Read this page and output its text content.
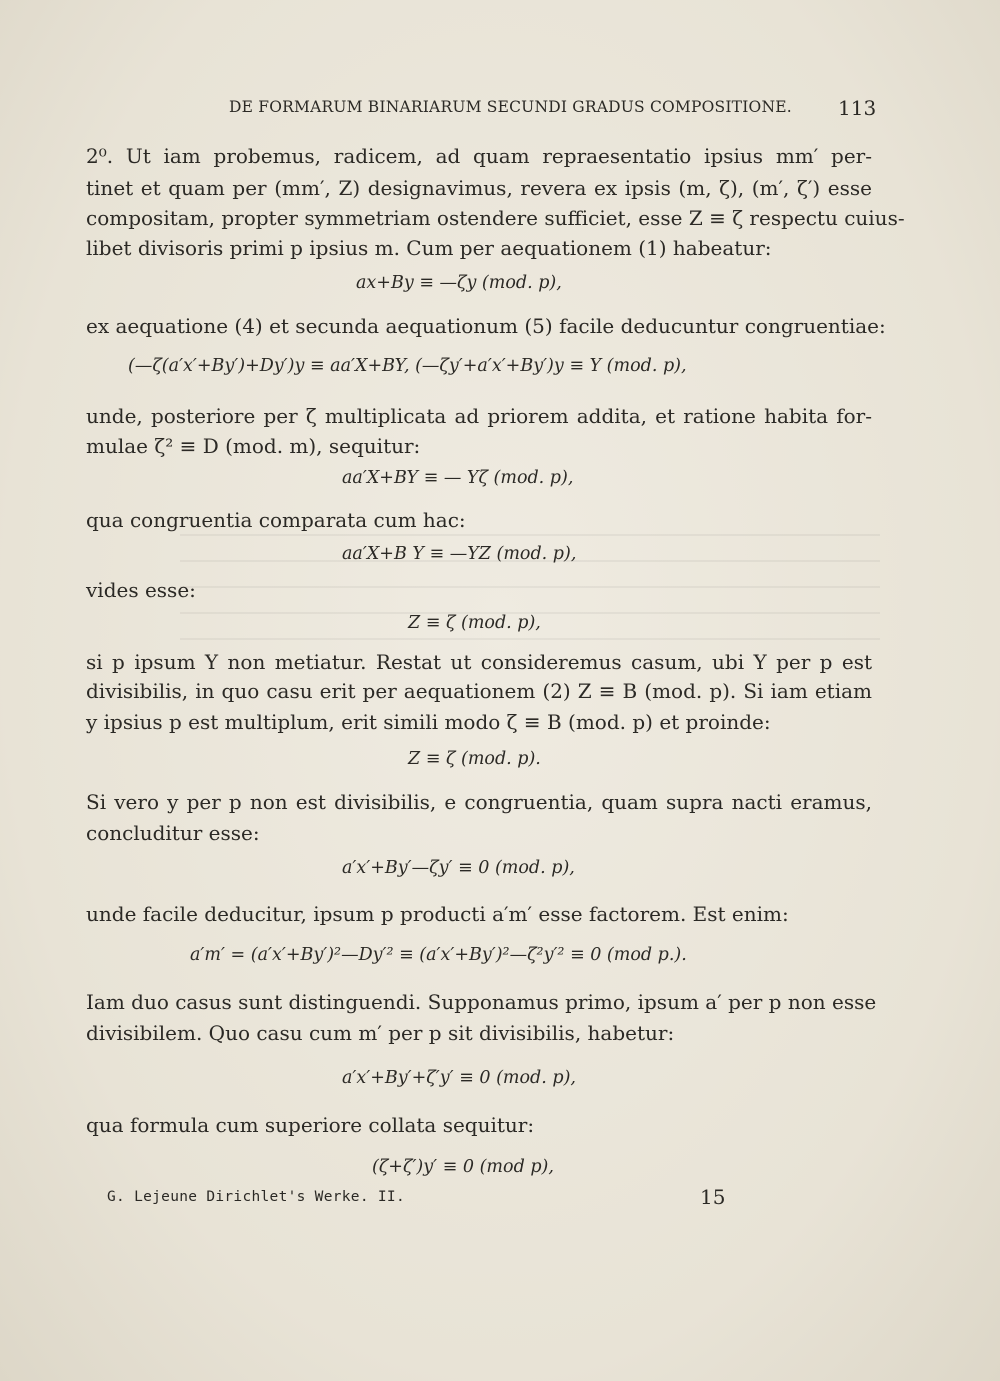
DE FORMARUM BINARIARUM SECUNDI GRADUS COMPOSITIONE. 113
2⁰. Ut iam probemus, radicem, ad quam repraesentatio ipsius mm′ per-
tinet et quam per (mm′, Z) designavimus, revera ex ipsis (m, ζ), (m′, ζ′) esse
compositam, propter symmetriam ostendere sufficiet, esse Z ≡ ζ respectu cuius-
libet divisoris primi p ipsius m. Cum per aequationem (1) habeatur:
ax+By ≡ —ζy (mod. p),
ex aequatione (4) et secunda aequationum (5) facile deducuntur congruentiae:
(—ζ(a′x′+By′)+Dy′)y ≡ aa′X+BY, (—ζy′+a′x′+By′)y ≡ Y (mod. p),
unde, posteriore per ζ multiplicata ad priorem addita, et ratione habita for-
mulae ζ² ≡ D (mod. m), sequitur:
aa′X+BY ≡ — Yζ (mod. p),
qua congruentia comparata cum hac:
aa′X+B Y ≡ —YZ (mod. p),
vides esse:
Z ≡ ζ (mod. p),
si p ipsum Y non metiatur. Restat ut consideremus casum, ubi Y per p est
divisibilis, in quo casu erit per aequationem (2) Z ≡ B (mod. p). Si iam etiam
y ipsius p est multiplum, erit simili modo ζ ≡ B (mod. p) et proinde:
Z ≡ ζ (mod. p).
Si vero y per p non est divisibilis, e congruentia, quam supra nacti eramus,
concluditur esse:
a′x′+By′—ζy′ ≡ 0 (mod. p),
unde facile deducitur, ipsum p producti a′m′ esse factorem. Est enim:
a′m′ = (a′x′+By′)²—Dy′² ≡ (a′x′+By′)²—ζ²y′² ≡ 0 (mod p.).
Iam duo casus sunt distinguendi. Supponamus primo, ipsum a′ per p non esse
divisibilem. Quo casu cum m′ per p sit divisibilis, habetur:
a′x′+By′+ζ′y′ ≡ 0 (mod. p),
qua formula cum superiore collata sequitur:
(ζ+ζ′)y′ ≡ 0 (mod p),
G. Lejeune Dirichlet's Werke. II.	15
